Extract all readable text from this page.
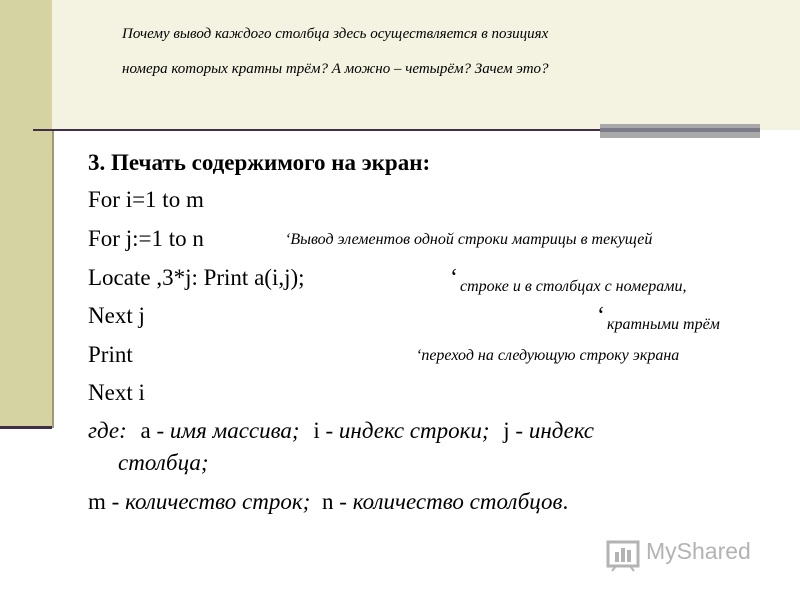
Почему вывод каждого столбца здесь осуществляется в позициях
номера которых кратны трём? А можно – четырём? Зачем это?
3. Печать содержимого на экран:
For i=1 to m
For j:=1 to n
Locate ,3*j: Print a(i,j);
Next j
Print
Next i
‘Вывод элементов одной строки матрицы в текущей
‘ строке и в столбцах с номерами,
‘ кратными трём
‘переход на следующую строку экрана
где: a - имя массива; i - индекс строки; j - индекс
столбца;
m - количество строк; n - количество столбцов.
MyShared
